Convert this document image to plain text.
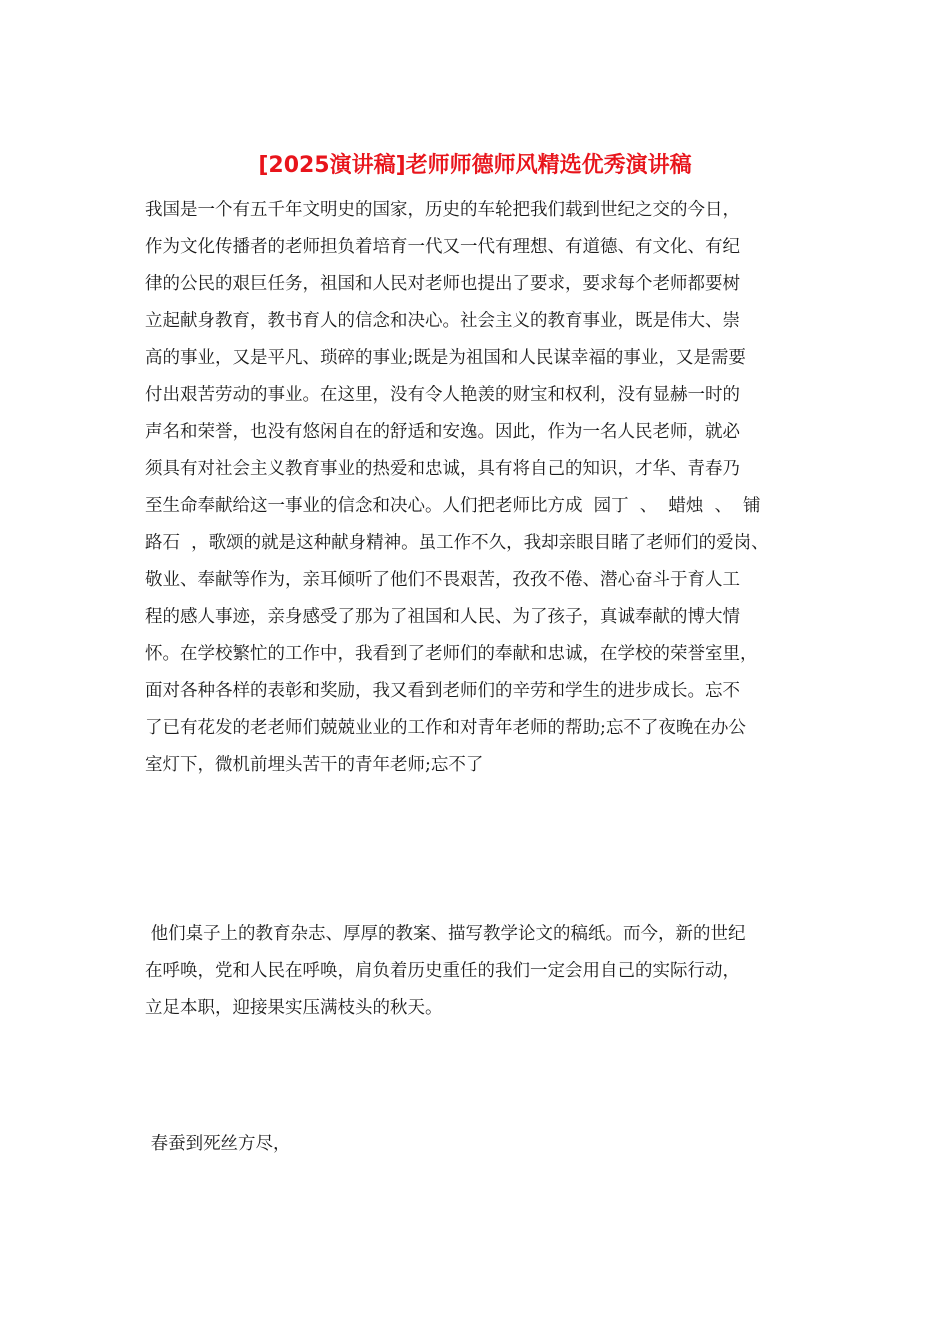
[2025演讲稿]老师师德师风精选优秀演讲稿

我国是一个有五千年文明史的国家，历史的车轮把我们载到世纪之交的今日，

作为文化传播者的老师担负着培育一代又一代有理想、有道德、有文化、有纪

律的公民的艰巨任务，祖国和人民对老师也提出了要求，要求每个老师都要树

立起献身教育，教书育人的信念和决心。社会主义的教育事业，既是伟大、崇

高的事业，又是平凡、琐碎的事业;既是为祖国和人民谋幸福的事业，又是需要

付出艰苦劳动的事业。在这里，没有令人艳羡的财宝和权利，没有显赫一时的

声名和荣誉，也没有悠闲自在的舒适和安逸。因此，作为一名人民老师，就必

须具有对社会主义教育事业的热爱和忠诚，具有将自己的知识，才华、青春乃

至生命奉献给这一事业的信念和决心。人们把老师比方成  园丁  、  蜡烛  、  铺

路石  ，歌颂的就是这种献身精神。虽工作不久，我却亲眼目睹了老师们的爱岗、

敬业、奉献等作为，亲耳倾听了他们不畏艰苦，孜孜不倦、潜心奋斗于育人工

程的感人事迹，亲身感受了那为了祖国和人民、为了孩子，真诚奉献的博大情

怀。在学校繁忙的工作中，我看到了老师们的奉献和忠诚，在学校的荣誉室里，

面对各种各样的表彰和奖励，我又看到老师们的辛劳和学生的进步成长。忘不

了已有花发的老老师们兢兢业业的工作和对青年老师的帮助;忘不了夜晚在办公

室灯下，微机前埋头苦干的青年老师;忘不了

他们桌子上的教育杂志、厚厚的教案、描写教学论文的稿纸。而今，新的世纪

在呼唤，党和人民在呼唤，肩负着历史重任的我们一定会用自己的实际行动，

立足本职，迎接果实压满枝头的秋天。

春蚕到死丝方尽，
